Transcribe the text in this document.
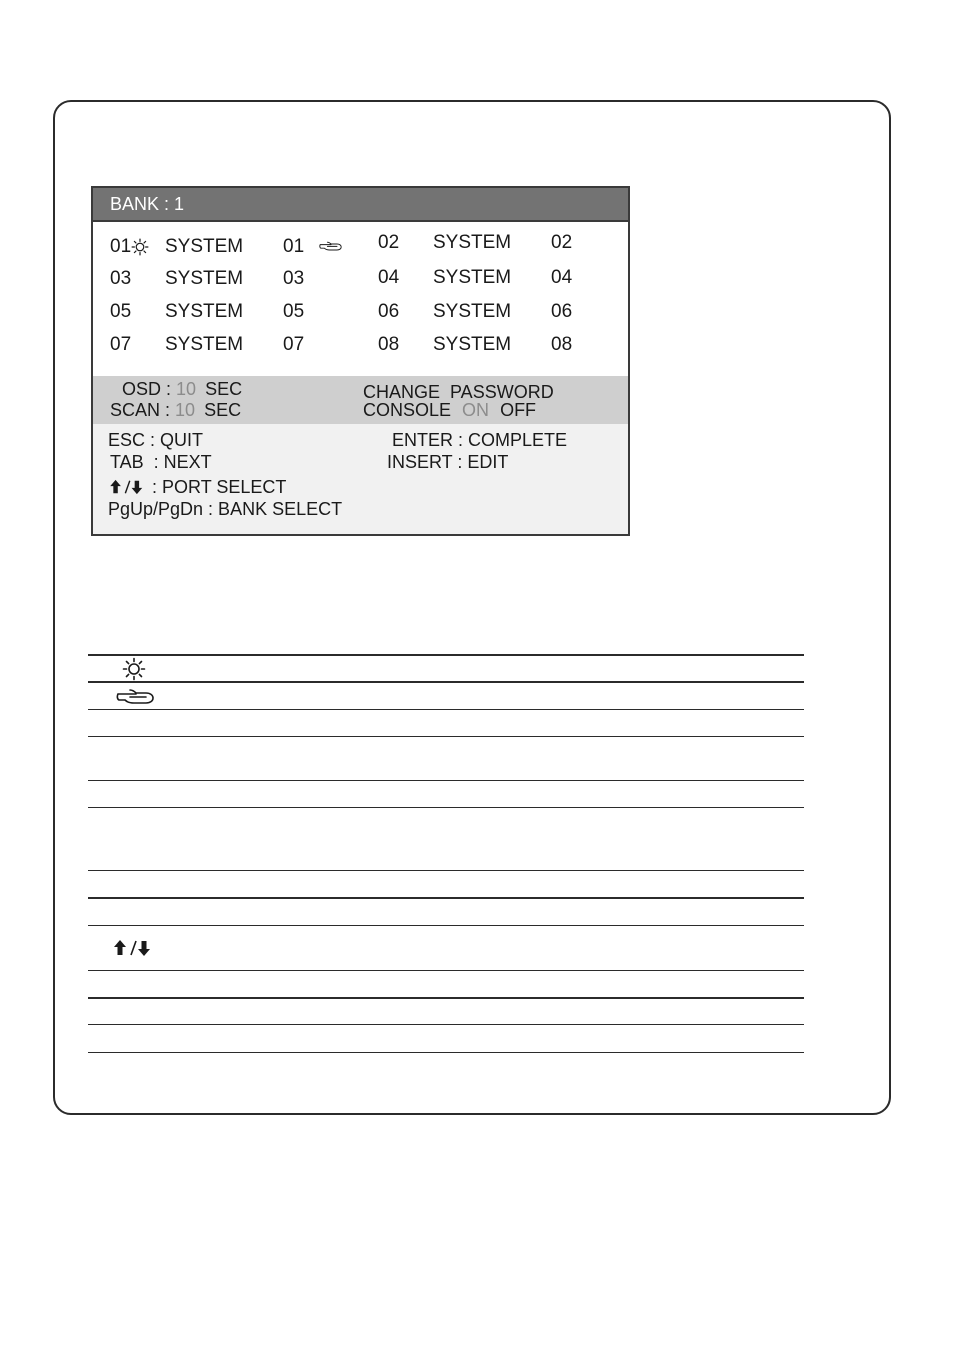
BANK : 1
01	SYSTEM 01	02 SYSTEM 02
03 SYSTEM 03	04 SYSTEM 04
05 SYSTEM 05	06 SYSTEM 06
07 SYSTEM 07	08 SYSTEM 08
OSD : 10 SEC
SCAN : 10 SEC
CHANGE  PASSWORD
CONSOLE ON OFF
ESC : QUIT	ENTER : COMPLETE
TAB  : NEXT	INSERT : EDIT
: PORT SELECT
PgUp/PgDn : BANK SELECT
